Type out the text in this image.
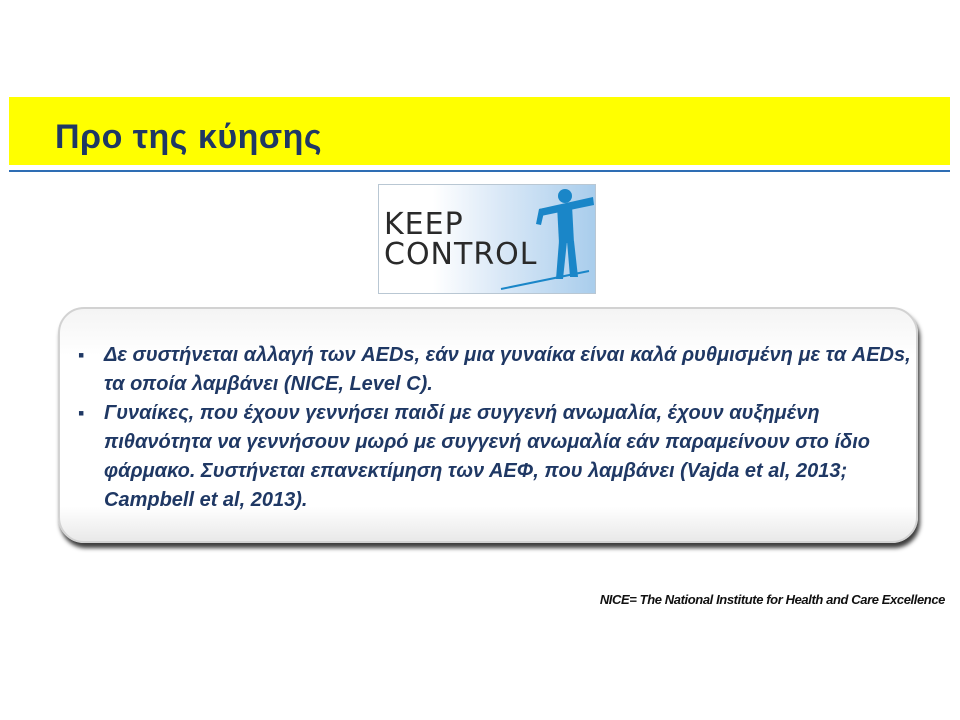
Προ της κύησης
KEEP
CONTROL
▪ Δε συστήνεται αλλαγή των AEDs, εάν μια γυναίκα είναι καλά ρυθμισμένη με τα AEDs, τα οποία λαμβάνει (NICE, Level C).
▪ Γυναίκες, που έχουν γεννήσει παιδί με συγγενή ανωμαλία, έχουν αυξημένη πιθανότητα να γεννήσουν μωρό με συγγενή ανωμαλία εάν παραμείνουν στο ίδιο φάρμακο. Συστήνεται επανεκτίμηση των ΑΕΦ, που λαμβάνει (Vajda et al, 2013; Campbell et al, 2013).
NICE= The National Institute for Health and Care Excellence
